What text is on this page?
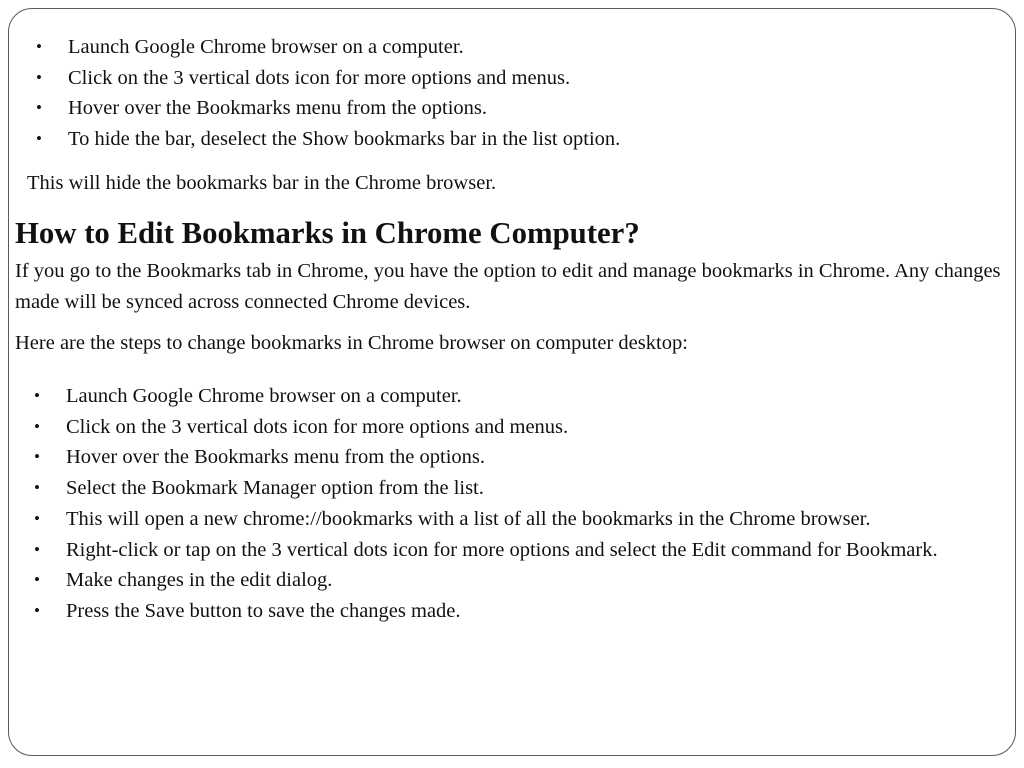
• Launch Google Chrome browser on a computer.
• Click on the 3 vertical dots icon for more options and menus.
• Hover over the Bookmarks menu from the options.
• To hide the bar, deselect the Show bookmarks bar in the list option.

This will hide the bookmarks bar in the Chrome browser.

How to Edit Bookmarks in Chrome Computer?

If you go to the Bookmarks tab in Chrome, you have the option to edit and manage bookmarks in Chrome. Any changes made will be synced across connected Chrome devices.

Here are the steps to change bookmarks in Chrome browser on computer desktop:

• Launch Google Chrome browser on a computer.
• Click on the 3 vertical dots icon for more options and menus.
• Hover over the Bookmarks menu from the options.
• Select the Bookmark Manager option from the list.
• This will open a new chrome://bookmarks with a list of all the bookmarks in the Chrome browser.
• Right-click or tap on the 3 vertical dots icon for more options and select the Edit command for Bookmark.
• Make changes in the edit dialog.
• Press the Save button to save the changes made.
